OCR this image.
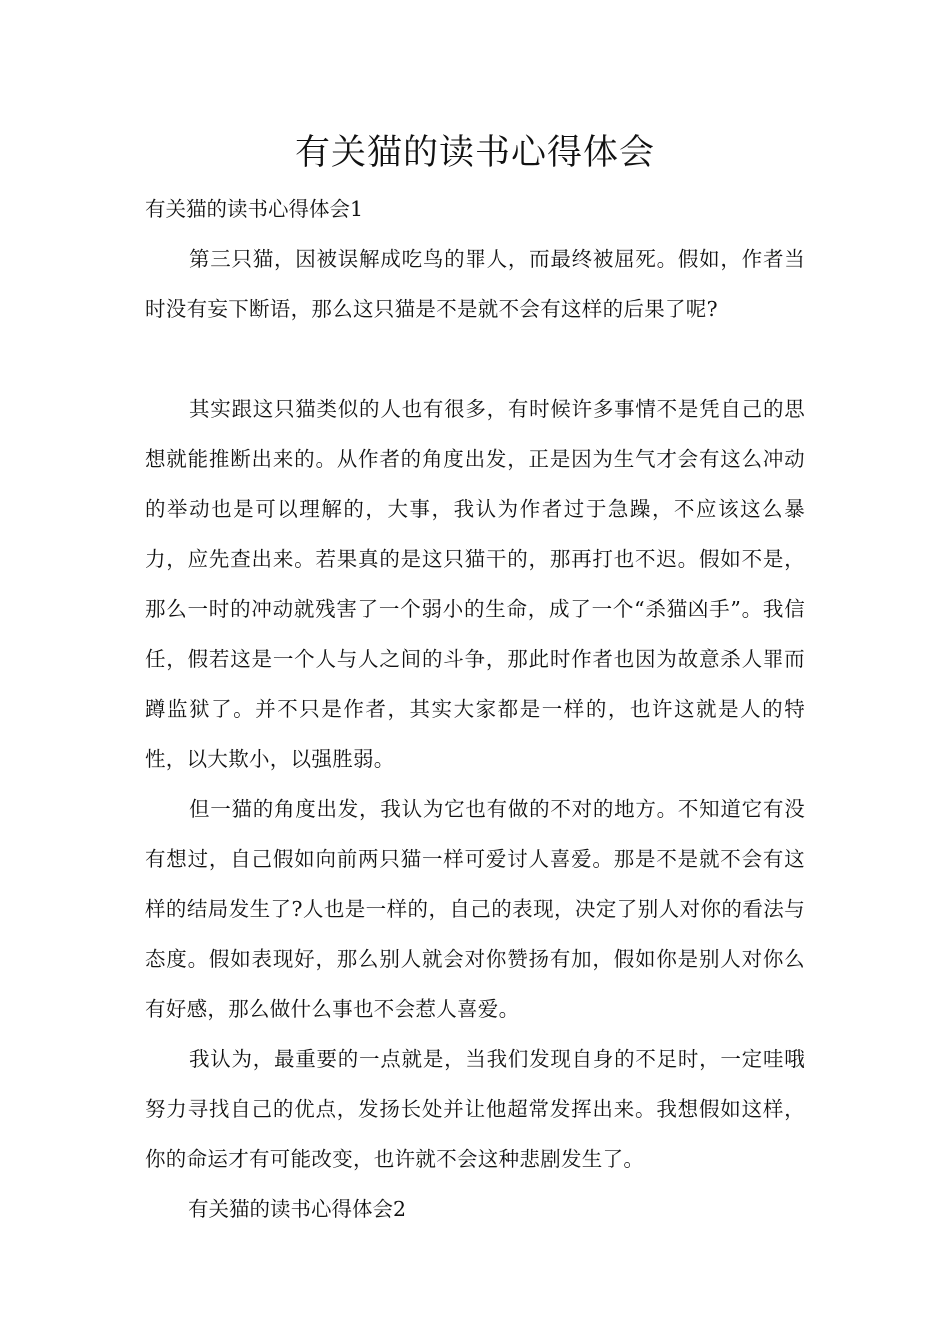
有关猫的读书心得体会

有关猫的读书心得体会1

第三只猫，因被误解成吃鸟的罪人，而最终被屈死。假如，作者当时没有妄下断语，那么这只猫是不是就不会有这样的后果了呢?

其实跟这只猫类似的人也有很多，有时候许多事情不是凭自己的思想就能推断出来的。从作者的角度出发，正是因为生气才会有这么冲动的举动也是可以理解的，大事，我认为作者过于急躁，不应该这么暴力，应先查出来。若果真的是这只猫干的，那再打也不迟。假如不是，那么一时的冲动就残害了一个弱小的生命，成了一个“杀猫凶手”。我信任，假若这是一个人与人之间的斗争，那此时作者也因为故意杀人罪而蹲监狱了。并不只是作者，其实大家都是一样的，也许这就是人的特性，以大欺小，以强胜弱。

但一猫的角度出发，我认为它也有做的不对的地方。不知道它有没有想过，自己假如向前两只猫一样可爱讨人喜爱。那是不是就不会有这样的结局发生了?人也是一样的，自己的表现，决定了别人对你的看法与态度。假如表现好，那么别人就会对你赞扬有加，假如你是别人对你么有好感，那么做什么事也不会惹人喜爱。

我认为，最重要的一点就是，当我们发现自身的不足时，一定哇哦努力寻找自己的优点，发扬长处并让他超常发挥出来。我想假如这样，你的命运才有可能改变，也许就不会这种悲剧发生了。

有关猫的读书心得体会2
